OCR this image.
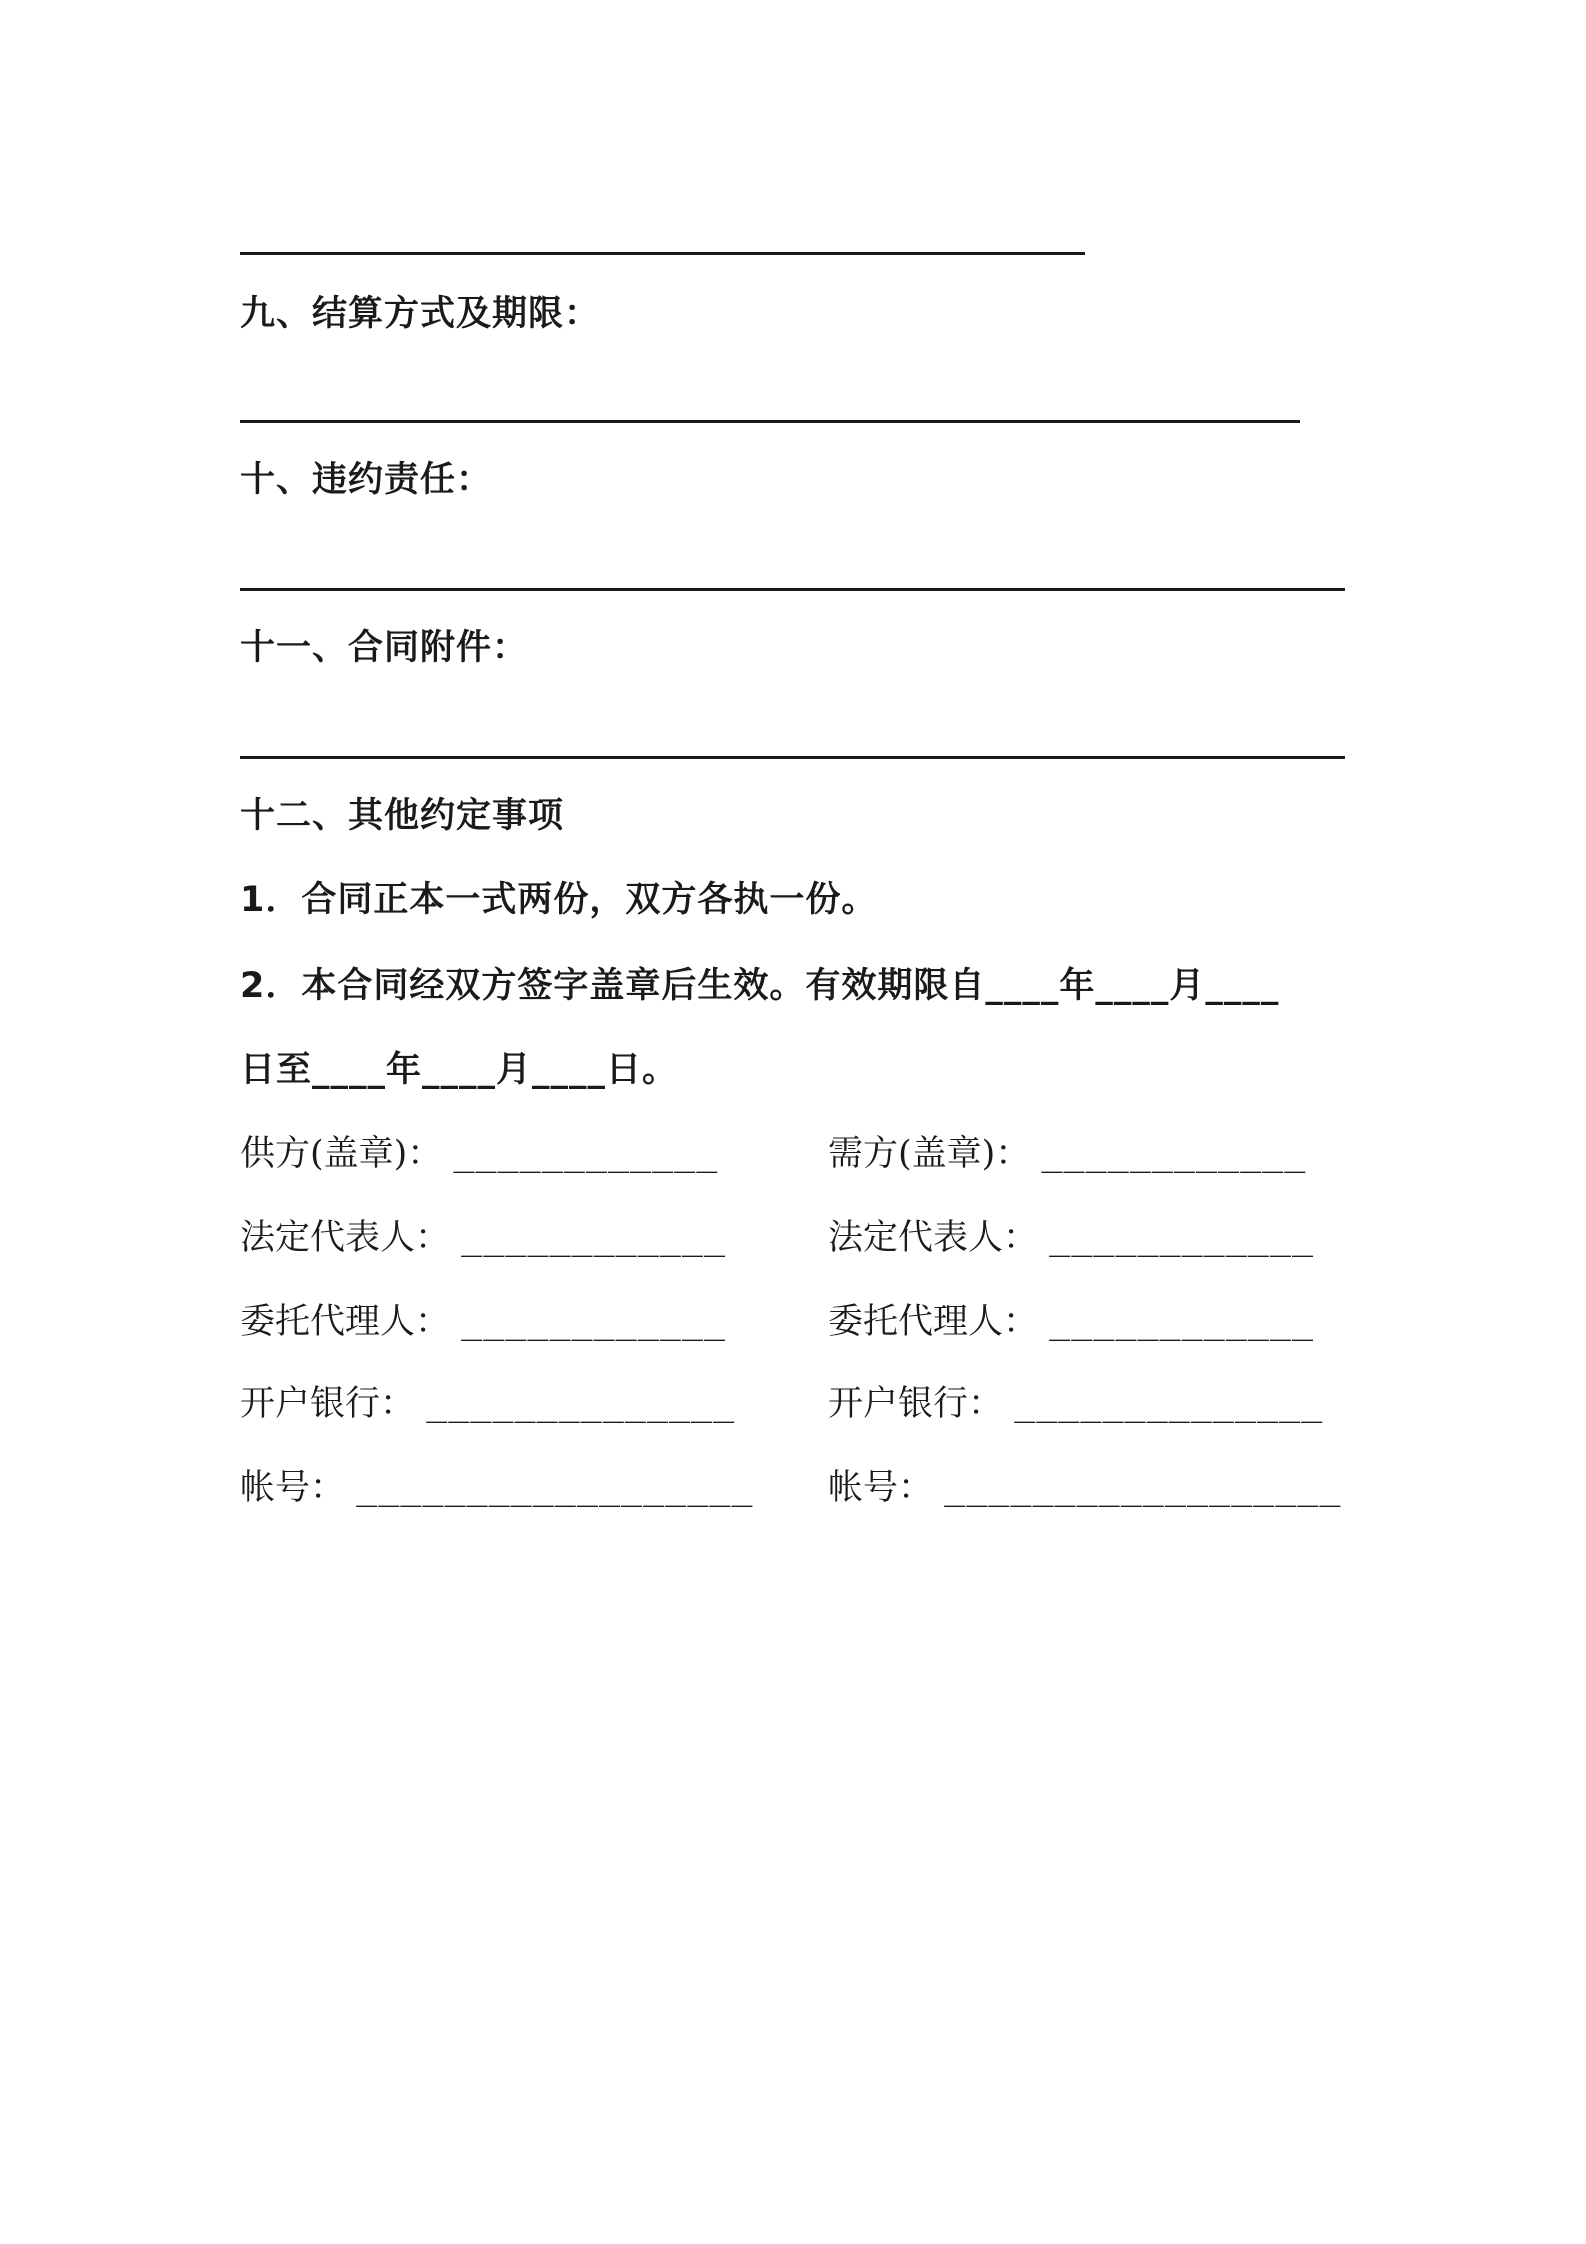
九、结算方式及期限：
十、违约责任：
十一、合同附件：
十二、其他约定事项
1．合同正本一式两份，双方各执一份。
2．本合同经双方签字盖章后生效。有效期限自____年____月____
日至____年____月____日。
供方(盖章)： ____________
法定代表人： ____________
委托代理人： ____________
开户银行： ______________
帐号： __________________
需方(盖章)： ____________
法定代表人： ____________
委托代理人： ____________
开户银行： ______________
帐号： __________________
